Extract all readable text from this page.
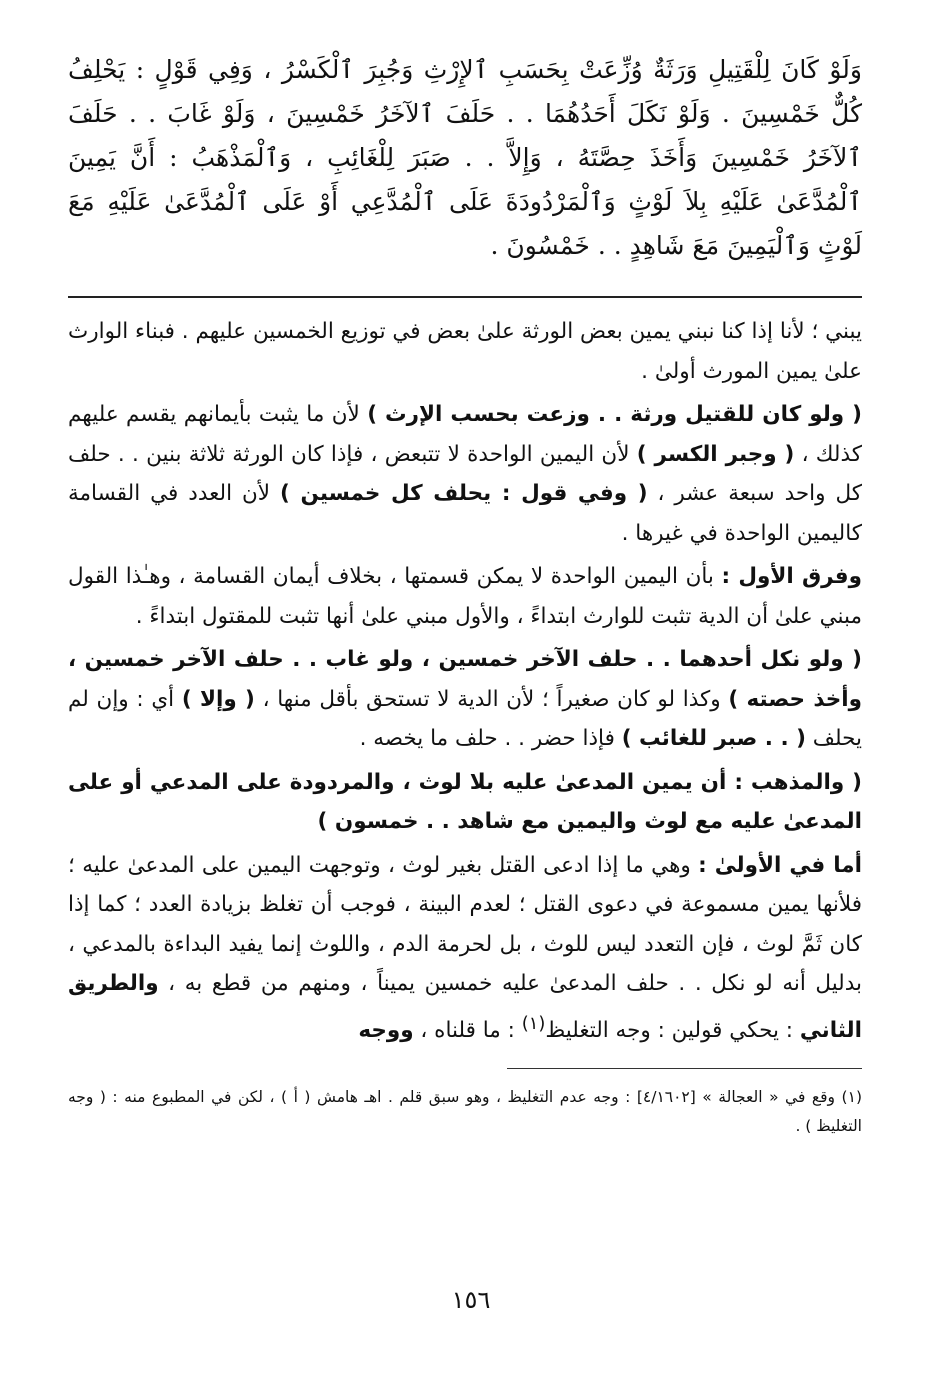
وَلَوْ كَانَ لِلْقَتِيلِ وَرَثَةٌ وُزِّعَتْ بِحَسَبِ ٱلإِرْثِ وَجُبِرَ ٱلْكَسْرُ ، وَفِي قَوْلٍ : يَحْلِفُ كُلٌّ خَمْسِينَ . وَلَوْ نَكَلَ أَحَدُهُمَا . . حَلَفَ ٱلآخَرُ خَمْسِينَ ، وَلَوْ غَابَ . . حَلَفَ ٱلآخَرُ خَمْسِينَ وَأَخَذَ حِصَّتَهُ ، وَإِلاَّ . . صَبَرَ لِلْغَائِبِ ، وَٱلْمَذْهَبُ : أَنَّ يَمِينَ ٱلْمُدَّعَىٰ عَلَيْهِ بِلاَ لَوْثٍ وَٱلْمَرْدُودَةَ عَلَى ٱلْمُدَّعِي أَوْ عَلَى ٱلْمُدَّعَىٰ عَلَيْهِ مَعَ لَوْثٍ وَٱلْيَمِينَ مَعَ شَاهِدٍ . . خَمْسُونَ .

يبني ؛ لأنا إذا كنا نبني يمين بعض الورثة علىٰ بعض في توزيع الخمسين عليهم . فبناء الوارث علىٰ يمين المورث أولىٰ .

( ولو كان للقتيل ورثة . . وزعت بحسب الإرث ) لأن ما يثبت بأيمانهم يقسم عليهم كذلك ، ( وجبر الكسر ) لأن اليمين الواحدة لا تتبعض ، فإذا كان الورثة ثلاثة بنين . . حلف كل واحد سبعة عشر ، ( وفي قول : يحلف كل خمسين ) لأن العدد في القسامة كاليمين الواحدة في غيرها .

وفرق الأول : بأن اليمين الواحدة لا يمكن قسمتها ، بخلاف أيمان القسامة ، وهـٰذا القول مبني علىٰ أن الدية تثبت للوارث ابتداءً ، والأول مبني علىٰ أنها تثبت للمقتول ابتداءً .

( ولو نكل أحدهما . . حلف الآخر خمسين ، ولو غاب . . حلف الآخر خمسين ، وأخذ حصته ) وكذا لو كان صغيراً ؛ لأن الدية لا تستحق بأقل منها ، ( وإلا ) أي : وإن لم يحلف ( . . صبر للغائب ) فإذا حضر . . حلف ما يخصه .

( والمذهب : أن يمين المدعىٰ عليه بلا لوث ، والمردودة على المدعي أو على المدعىٰ عليه مع لوث واليمين مع شاهد . . خمسون )

أما في الأولىٰ : وهي ما إذا ادعى القتل بغير لوث ، وتوجهت اليمين على المدعىٰ عليه ؛ فلأنها يمين مسموعة في دعوى القتل ؛ لعدم البينة ، فوجب أن تغلظ بزيادة العدد ؛ كما إذا كان ثَمَّ لوث ، فإن التعدد ليس للوث ، بل لحرمة الدم ، واللوث إنما يفيد البداءة بالمدعي ، بدليل أنه لو نكل . . حلف المدعىٰ عليه خمسين يميناً ، ومنهم من قطع به ، والطريق الثاني : يحكي قولين : وجه التغليظ$^{(١)}$ : ما قلناه ، ووجه

(١) وقع في « العجالة » [٤/١٦٠٢] : وجه عدم التغليظ ، وهو سبق قلم . اهـ هامش ( أ ) ، لكن في المطبوع منه : ( وجه التغليظ ) .

١٥٦
